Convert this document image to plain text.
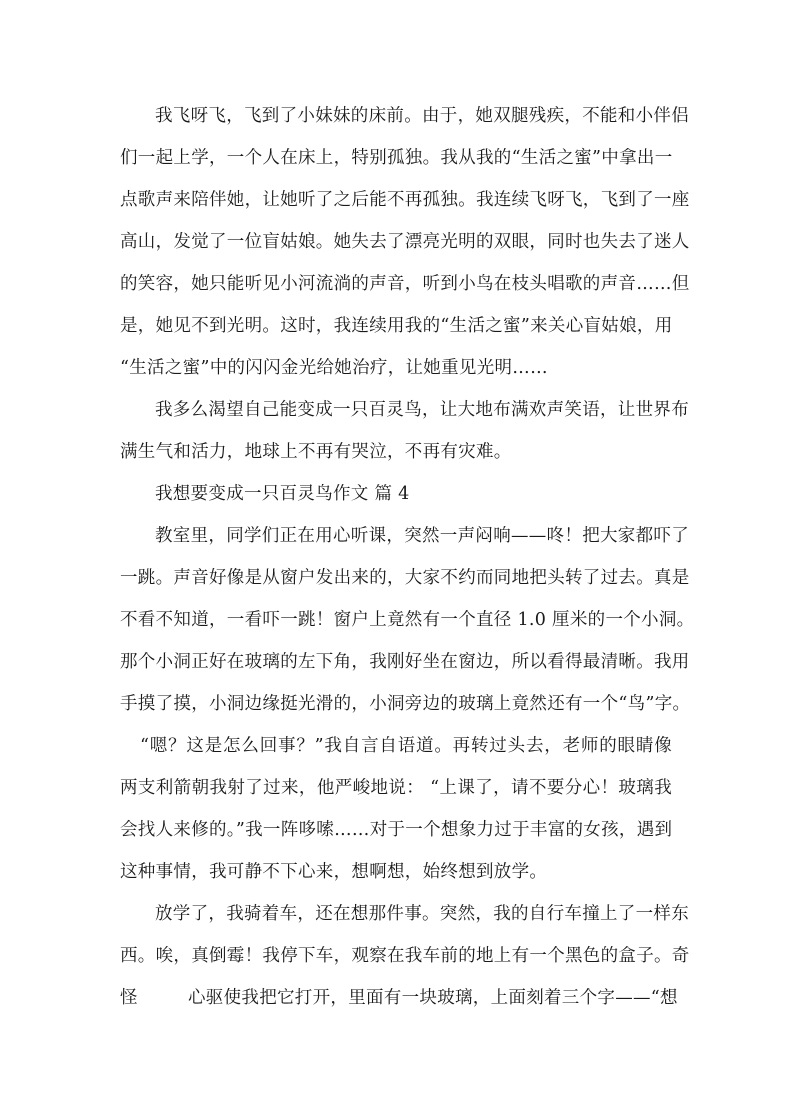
我飞呀飞，飞到了小妹妹的床前。由于，她双腿残疾，不能和小伴侣
们一起上学，一个人在床上，特别孤独。我从我的“生活之蜜”中拿出一
点歌声来陪伴她，让她听了之后能不再孤独。我连续飞呀飞，飞到了一座
高山，发觉了一位盲姑娘。她失去了漂亮光明的双眼，同时也失去了迷人
的笑容，她只能听见小河流淌的声音，听到小鸟在枝头唱歌的声音……但
是，她见不到光明。这时，我连续用我的“生活之蜜”来关心盲姑娘，用
“生活之蜜”中的闪闪金光给她治疗，让她重见光明……
我多么渴望自己能变成一只百灵鸟，让大地布满欢声笑语，让世界布
满生气和活力，地球上不再有哭泣，不再有灾难。
我想要变成一只百灵鸟作文 篇 4
教室里，同学们正在用心听课，突然一声闷响——咚！把大家都吓了
一跳。声音好像是从窗户发出来的，大家不约而同地把头转了过去。真是
不看不知道，一看吓一跳！窗户上竟然有一个直径 1.0 厘米的一个小洞。
那个小洞正好在玻璃的左下角，我刚好坐在窗边，所以看得最清晰。我用
手摸了摸，小洞边缘挺光滑的，小洞旁边的玻璃上竟然还有一个“鸟”字。
“嗯？这是怎么回事？”我自言自语道。再转过头去，老师的眼睛像
两支利箭朝我射了过来，他严峻地说： “上课了，请不要分心！玻璃我
会找人来修的。”我一阵哆嗦……对于一个想象力过于丰富的女孩，遇到
这种事情，我可静不下心来，想啊想，始终想到放学。
放学了，我骑着车，还在想那件事。突然，我的自行车撞上了一样东
西。唉，真倒霉！我停下车，观察在我车前的地上有一个黑色的盒子。奇
怪	心驱使我把它打开，里面有一块玻璃，上面刻着三个字——“想
